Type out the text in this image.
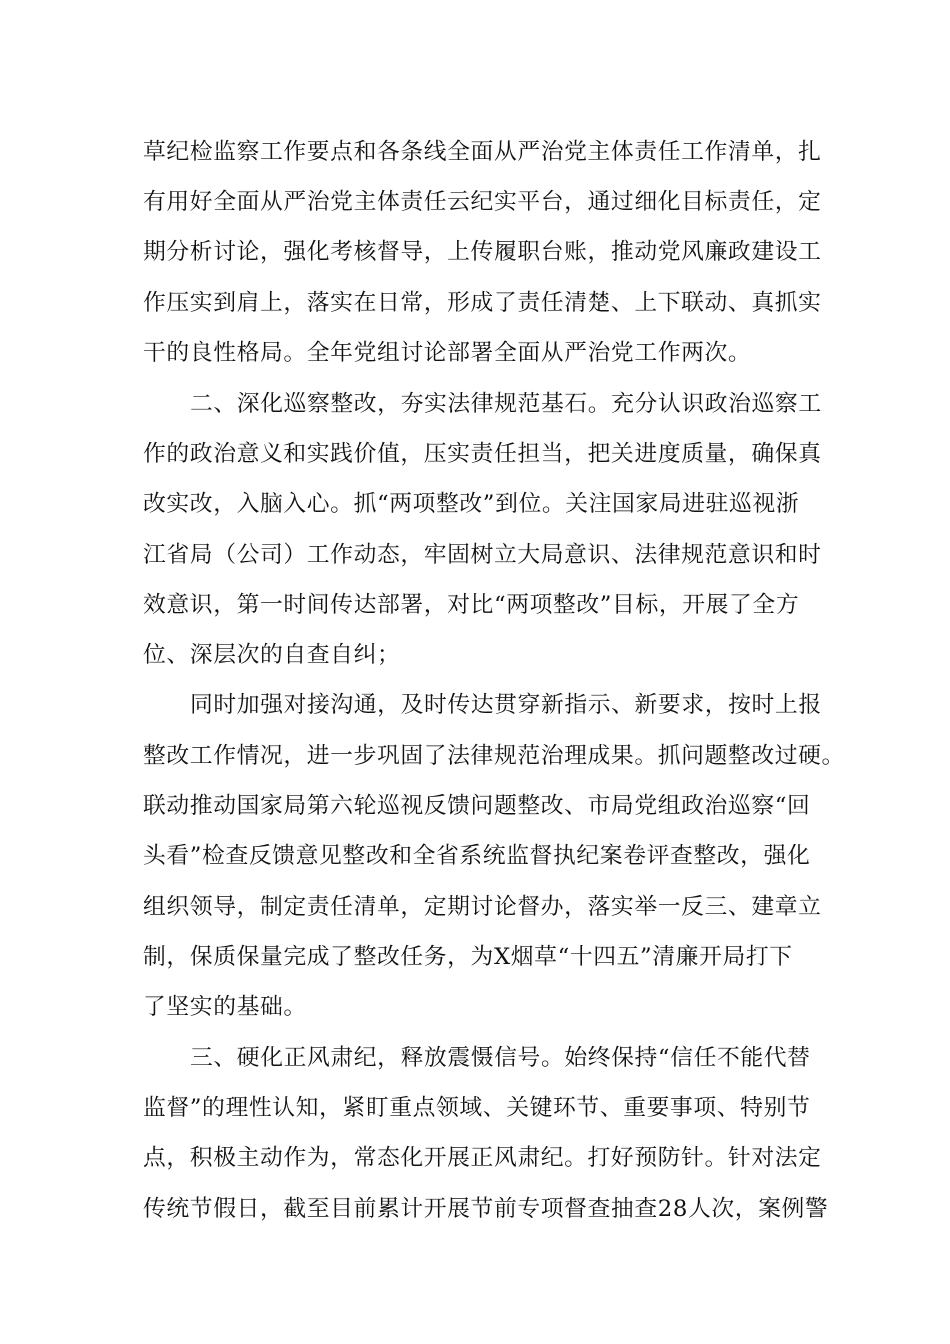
草纪检监察工作要点和各条线全面从严治党主体责任工作清单，扎
有用好全面从严治党主体责任云纪实平台，通过细化目标责任，定
期分析讨论，强化考核督导，上传履职台账，推动党风廉政建设工
作压实到肩上，落实在日常，形成了责任清楚、上下联动、真抓实
干的良性格局。全年党组讨论部署全面从严治党工作两次。
二、深化巡察整改，夯实法律规范基石。充分认识政治巡察工
作的政治意义和实践价值，压实责任担当，把关进度质量，确保真
改实改，入脑入心。抓“两项整改”到位。关注国家局进驻巡视浙
江省局（公司）工作动态，牢固树立大局意识、法律规范意识和时
效意识，第一时间传达部署，对比“两项整改”目标，开展了全方
位、深层次的自查自纠；
同时加强对接沟通，及时传达贯穿新指示、新要求，按时上报
整改工作情况，进一步巩固了法律规范治理成果。抓问题整改过硬。
联动推动国家局第六轮巡视反馈问题整改、市局党组政治巡察“回
头看”检查反馈意见整改和全省系统监督执纪案卷评查整改，强化
组织领导，制定责任清单，定期讨论督办，落实举一反三、建章立
制，保质保量完成了整改任务，为X烟草“十四五”清廉开局打下
了坚实的基础。
三、硬化正风肃纪，释放震慑信号。始终保持“信任不能代替
监督”的理性认知，紧盯重点领域、关键环节、重要事项、特别节
点，积极主动作为，常态化开展正风肃纪。打好预防针。针对法定
传统节假日，截至目前累计开展节前专项督查抽查28人次，案例警
